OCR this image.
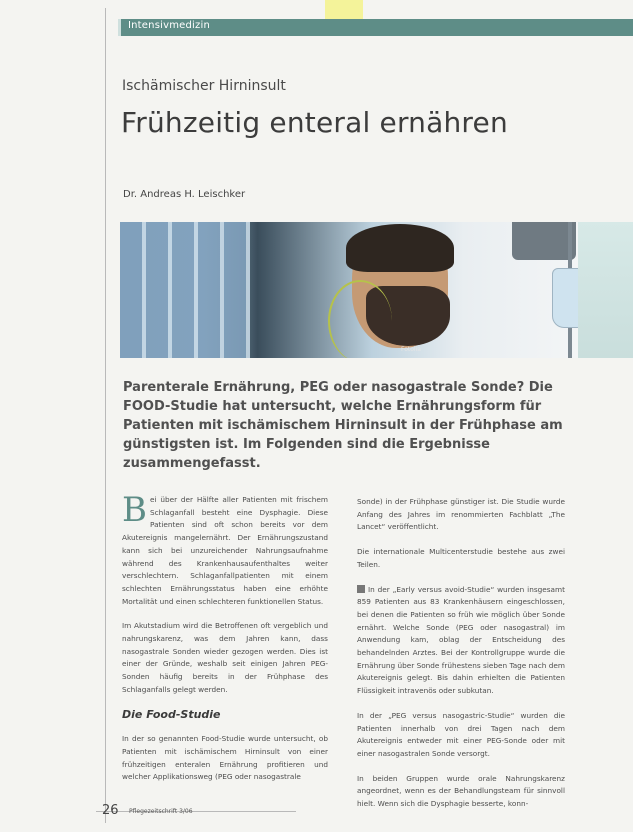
Intensivmedizin
Ischämischer Hirninsult
Frühzeitig enteral ernähren
Dr. Andreas H. Leischker
Fotolia
Parenterale Ernährung, PEG oder nasogastrale Sonde? Die FOOD-Studie hat untersucht, welche Ernährungsform für Patienten mit ischämischem Hirninsult in der Frühphase am günstigsten ist. Im Folgenden sind die Ergebnisse zusammengefasst.

Bei über der Hälfte aller Patienten mit frischem Schlaganfall besteht eine Dysphagie. Diese Patienten sind oft schon bereits vor dem Akutereignis mangelernährt. Der Ernährungszustand kann sich bei unzureichender Nahrungsaufnahme während des Krankenhausaufenthaltes weiter verschlechtern. Schlaganfallpatienten mit einem schlechten Ernährungsstatus haben eine erhöhte Mortalität und einen schlechteren funktionellen Status.

Im Akutstadium wird die Betroffenen oft vergeblich und nahrungskarenz, was dem Jahren kann, dass nasogastrale Sonden wieder gezogen werden. Dies ist einer der Gründe, weshalb seit einigen Jahren PEG-Sonden häufig bereits in der Frühphase des Schlaganfalls gelegt werden.

Die Food-Studie

In der so genannten Food-Studie wurde untersucht, ob Patienten mit ischämischem Hirninsult von einer frühzeitigen enteralen Ernährung profitieren und welcher Applikationsweg (PEG oder nasogastrale

Sonde) in der Frühphase günstiger ist. Die Studie wurde Anfang des Jahres im renommierten Fachblatt „The Lancet“ veröffentlicht.

Die internationale Multicenterstudie bestehe aus zwei Teilen.

In der „Early versus avoid-Studie“ wurden insgesamt 859 Patienten aus 83 Krankenhäusern eingeschlossen, bei denen die Patienten so früh wie möglich über Sonde ernährt. Welche Sonde (PEG oder nasogastral) im Anwendung kam, oblag der Entscheidung des behandelnden Arztes. Bei der Kontrollgruppe wurde die Ernährung über Sonde frühestens sieben Tage nach dem Akutereignis gelegt. Bis dahin erhielten die Patienten Flüssigkeit intravenös oder subkutan.

In der „PEG versus nasogastric-Studie“ wurden die Patienten innerhalb von drei Tagen nach dem Akutereignis entweder mit einer PEG-Sonde oder mit einer nasogastralen Sonde versorgt.

In beiden Gruppen wurde orale Nahrungskarenz angeordnet, wenn es der Behandlungsteam für sinnvoll hielt. Wenn sich die Dysphagie besserte, konn-

26 Pflegezeitschrift 3/06
